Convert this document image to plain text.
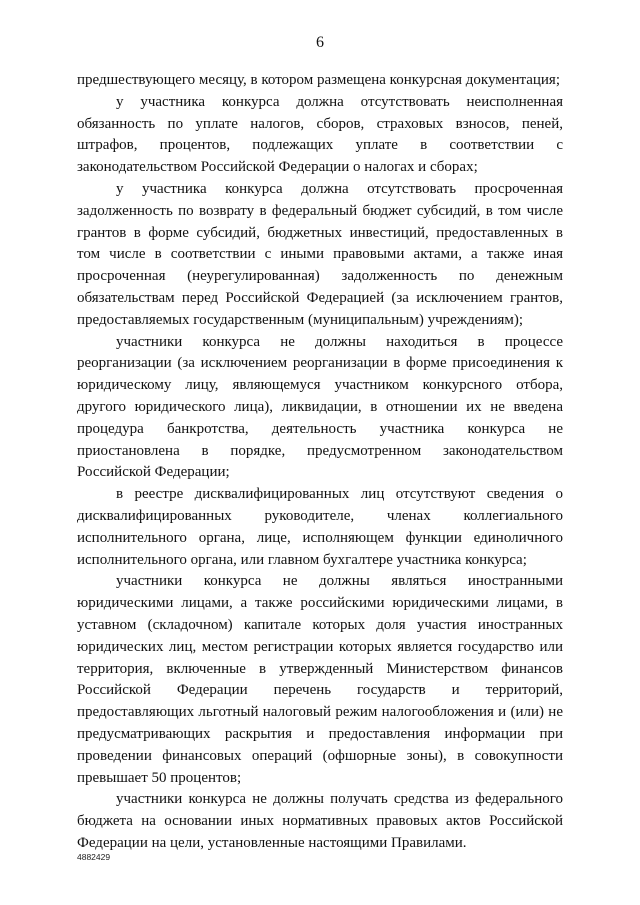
6

предшествующего месяцу, в котором размещена конкурсная документация;

у участника конкурса должна отсутствовать неисполненная обязанность по уплате налогов, сборов, страховых взносов, пеней, штрафов, процентов, подлежащих уплате в соответствии с законодательством Российской Федерации о налогах и сборах;

у участника конкурса должна отсутствовать просроченная задолженность по возврату в федеральный бюджет субсидий, в том числе грантов в форме субсидий, бюджетных инвестиций, предоставленных в том числе в соответствии с иными правовыми актами, а также иная просроченная (неурегулированная) задолженность по денежным обязательствам перед Российской Федерацией (за исключением грантов, предоставляемых государственным (муниципальным) учреждениям);

участники конкурса не должны находиться в процессе реорганизации (за исключением реорганизации в форме присоединения к юридическому лицу, являющемуся участником конкурсного отбора, другого юридического лица), ликвидации, в отношении их не введена процедура банкротства, деятельность участника конкурса не приостановлена в порядке, предусмотренном законодательством Российской Федерации;

в реестре дисквалифицированных лиц отсутствуют сведения о дисквалифицированных руководителе, членах коллегиального исполнительного органа, лице, исполняющем функции единоличного исполнительного органа, или главном бухгалтере участника конкурса;

участники конкурса не должны являться иностранными юридическими лицами, а также российскими юридическими лицами, в уставном (складочном) капитале которых доля участия иностранных юридических лиц, местом регистрации которых является государство или территория, включенные в утвержденный Министерством финансов Российской Федерации перечень государств и территорий, предоставляющих льготный налоговый режим налогообложения и (или) не предусматривающих раскрытия и предоставления информации при проведении финансовых операций (офшорные зоны), в совокупности превышает 50 процентов;

участники конкурса не должны получать средства из федерального бюджета на основании иных нормативных правовых актов Российской Федерации на цели, установленные настоящими Правилами.

4882429
